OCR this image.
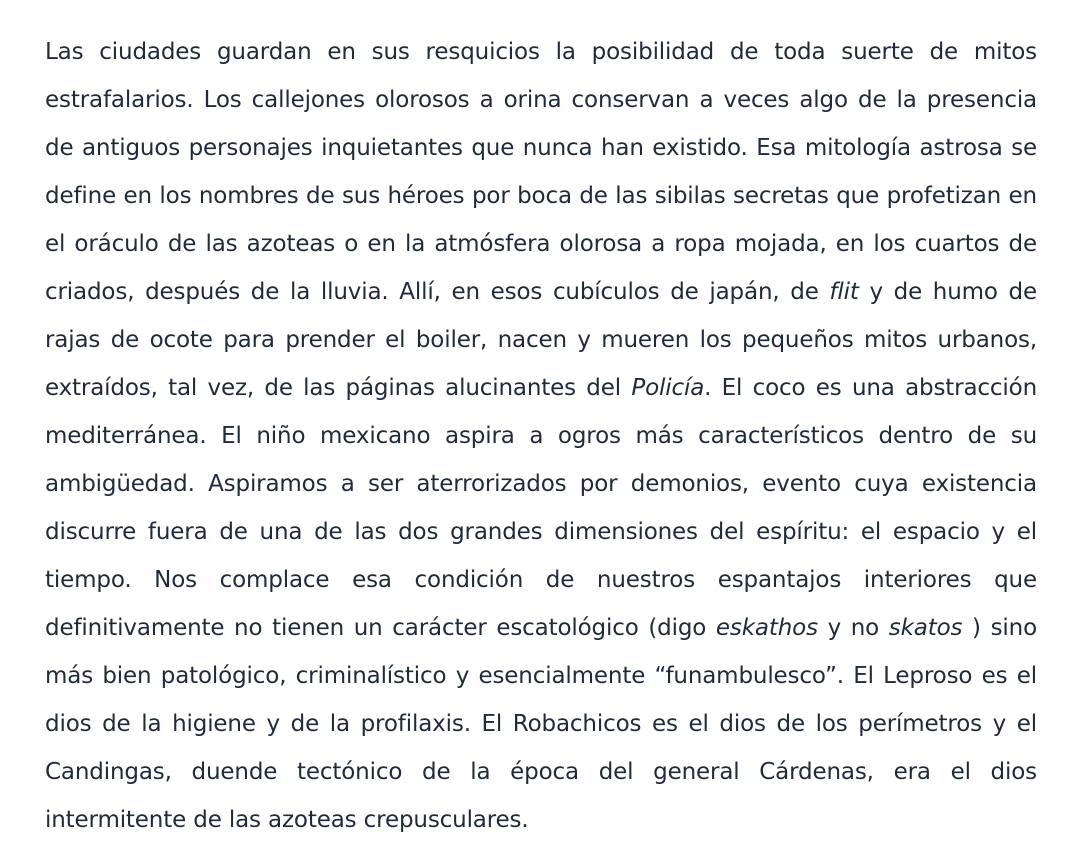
Las ciudades guardan en sus resquicios la posibilidad de toda suerte de mitos estrafalarios. Los callejones olorosos a orina conservan a veces algo de la presencia de antiguos personajes inquietantes que nunca han existido. Esa mitología astrosa se define en los nombres de sus héroes por boca de las sibilas secretas que profetizan en el oráculo de las azoteas o en la atmósfera olorosa a ropa mojada, en los cuartos de criados, después de la lluvia. Allí, en esos cubículos de japán, de flit y de humo de rajas de ocote para prender el boiler, nacen y mueren los pequeños mitos urbanos, extraídos, tal vez, de las páginas alucinantes del Policía. El coco es una abstracción mediterránea. El niño mexicano aspira a ogros más característicos dentro de su ambigüedad. Aspiramos a ser aterrorizados por demonios, evento cuya existencia discurre fuera de una de las dos grandes dimensiones del espíritu: el espacio y el tiempo. Nos complace esa condición de nuestros espantajos interiores que definitivamente no tienen un carácter escatológico (digo eskathos y no skatos ) sino más bien patológico, criminalístico y esencialmente “funambulesco”. El Leproso es el dios de la higiene y de la profilaxis. El Robachicos es el dios de los perímetros y el Candingas, duende tectónico de la época del general Cárdenas, era el dios intermitente de las azoteas crepusculares.
